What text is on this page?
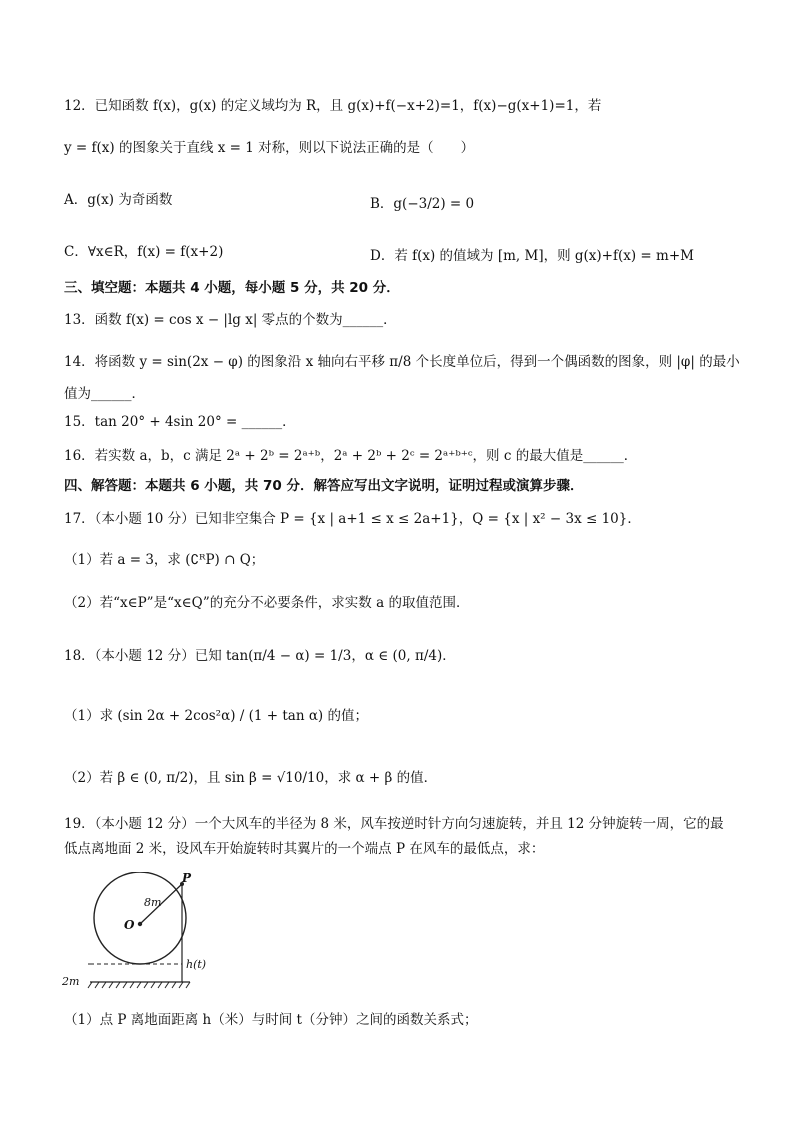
12．已知函数 f(x)，g(x) 的定义域均为 R，且 g(x)+f(−x+2)=1，f(x)−g(x+1)=1，若
y = f(x) 的图象关于直线 x = 1 对称，则以下说法正确的是（　　）
A．g(x) 为奇函数	B．g(−3/2) = 0
C．∀x∈R，f(x) = f(x+2)	D．若 f(x) 的值域为 [m, M]，则 g(x)+f(x) = m+M
三、填空题：本题共 4 小题，每小题 5 分，共 20 分．
13．函数 f(x) = cos x − |lg x| 零点的个数为______．
14．将函数 y = sin(2x − φ) 的图象沿 x 轴向右平移 π/8 个长度单位后，得到一个偶函数的图象，则 |φ| 的最小
值为______．
15．tan 20° + 4sin 20° = ______．
16．若实数 a，b，c 满足 2ᵃ + 2ᵇ = 2ᵃ⁺ᵇ，2ᵃ + 2ᵇ + 2ᶜ = 2ᵃ⁺ᵇ⁺ᶜ，则 c 的最大值是______．
四、解答题：本题共 6 小题，共 70 分．解答应写出文字说明，证明过程或演算步骤．
17．（本小题 10 分）已知非空集合 P = {x | a+1 ≤ x ≤ 2a+1}，Q = {x | x² − 3x ≤ 10}．
（1）若 a = 3，求 (∁ᴿP) ∩ Q；
（2）若“x∈P”是“x∈Q”的充分不必要条件，求实数 a 的取值范围．
18．（本小题 12 分）已知 tan(π/4 − α) = 1/3，α ∈ (0, π/4)．
（1）求 (sin 2α + 2cos²α) / (1 + tan α) 的值；
（2）若 β ∈ (0, π/2)，且 sin β = √10/10，求 α + β 的值．
19．（本小题 12 分）一个大风车的半径为 8 米，风车按逆时针方向匀速旋转，并且 12 分钟旋转一周，它的最
低点离地面 2 米，设风车开始旋转时其翼片的一个端点 P 在风车的最低点，求：
P
O
8m
h(t)
2m
（1）点 P 离地面距离 h（米）与时间 t（分钟）之间的函数关系式；
